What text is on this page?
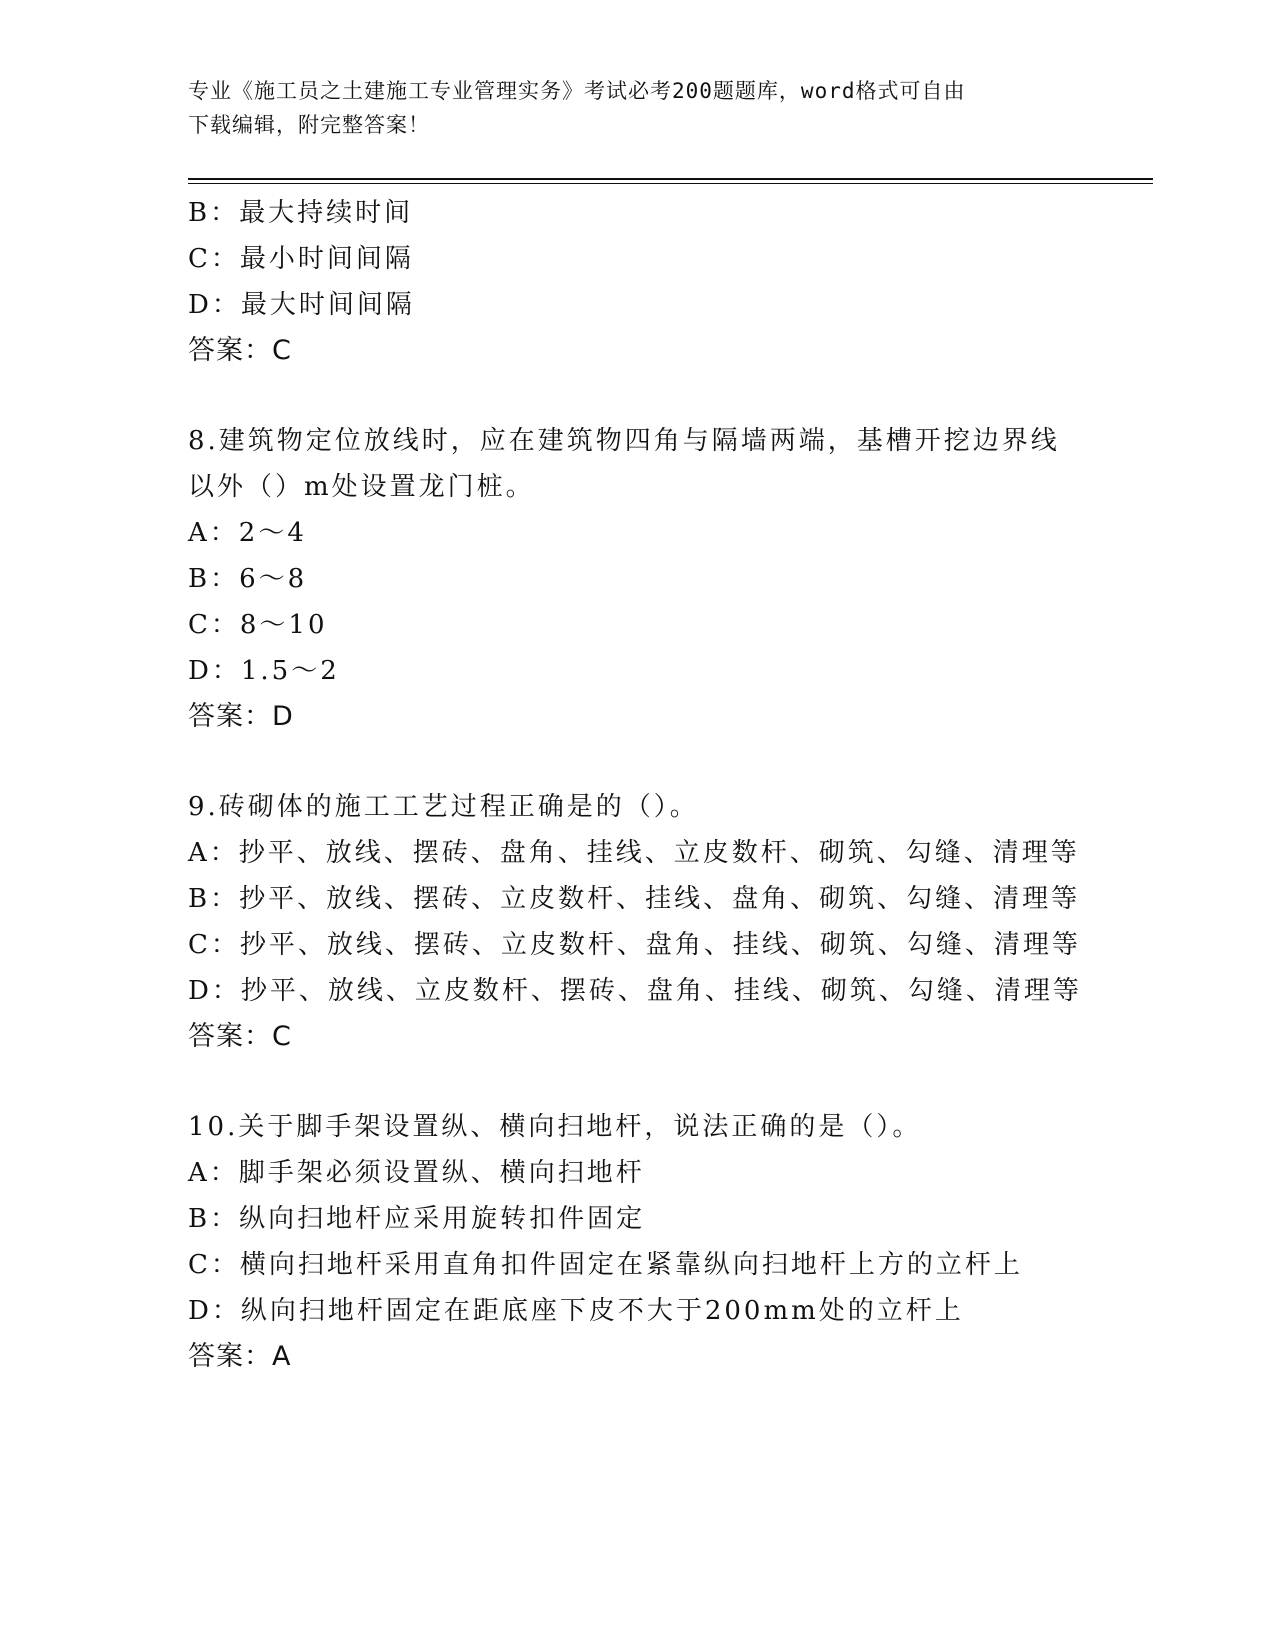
专业《施工员之土建施工专业管理实务》考试必考200题题库，word格式可自由
下载编辑，附完整答案！
B：最大持续时间
C：最小时间间隔
D：最大时间间隔
答案：C
8.建筑物定位放线时，应在建筑物四角与隔墙两端，基槽开挖边界线
以外（）m处设置龙门桩。
A：2～4
B：6～8
C：8～10
D：1.5～2
答案：D
9.砖砌体的施工工艺过程正确是的（）。
A：抄平、放线、摆砖、盘角、挂线、立皮数杆、砌筑、勾缝、清理等
B：抄平、放线、摆砖、立皮数杆、挂线、盘角、砌筑、勾缝、清理等
C：抄平、放线、摆砖、立皮数杆、盘角、挂线、砌筑、勾缝、清理等
D：抄平、放线、立皮数杆、摆砖、盘角、挂线、砌筑、勾缝、清理等
答案：C
10.关于脚手架设置纵、横向扫地杆，说法正确的是（）。
A：脚手架必须设置纵、横向扫地杆
B：纵向扫地杆应采用旋转扣件固定
C：横向扫地杆采用直角扣件固定在紧靠纵向扫地杆上方的立杆上
D：纵向扫地杆固定在距底座下皮不大于200mm处的立杆上
答案：A
